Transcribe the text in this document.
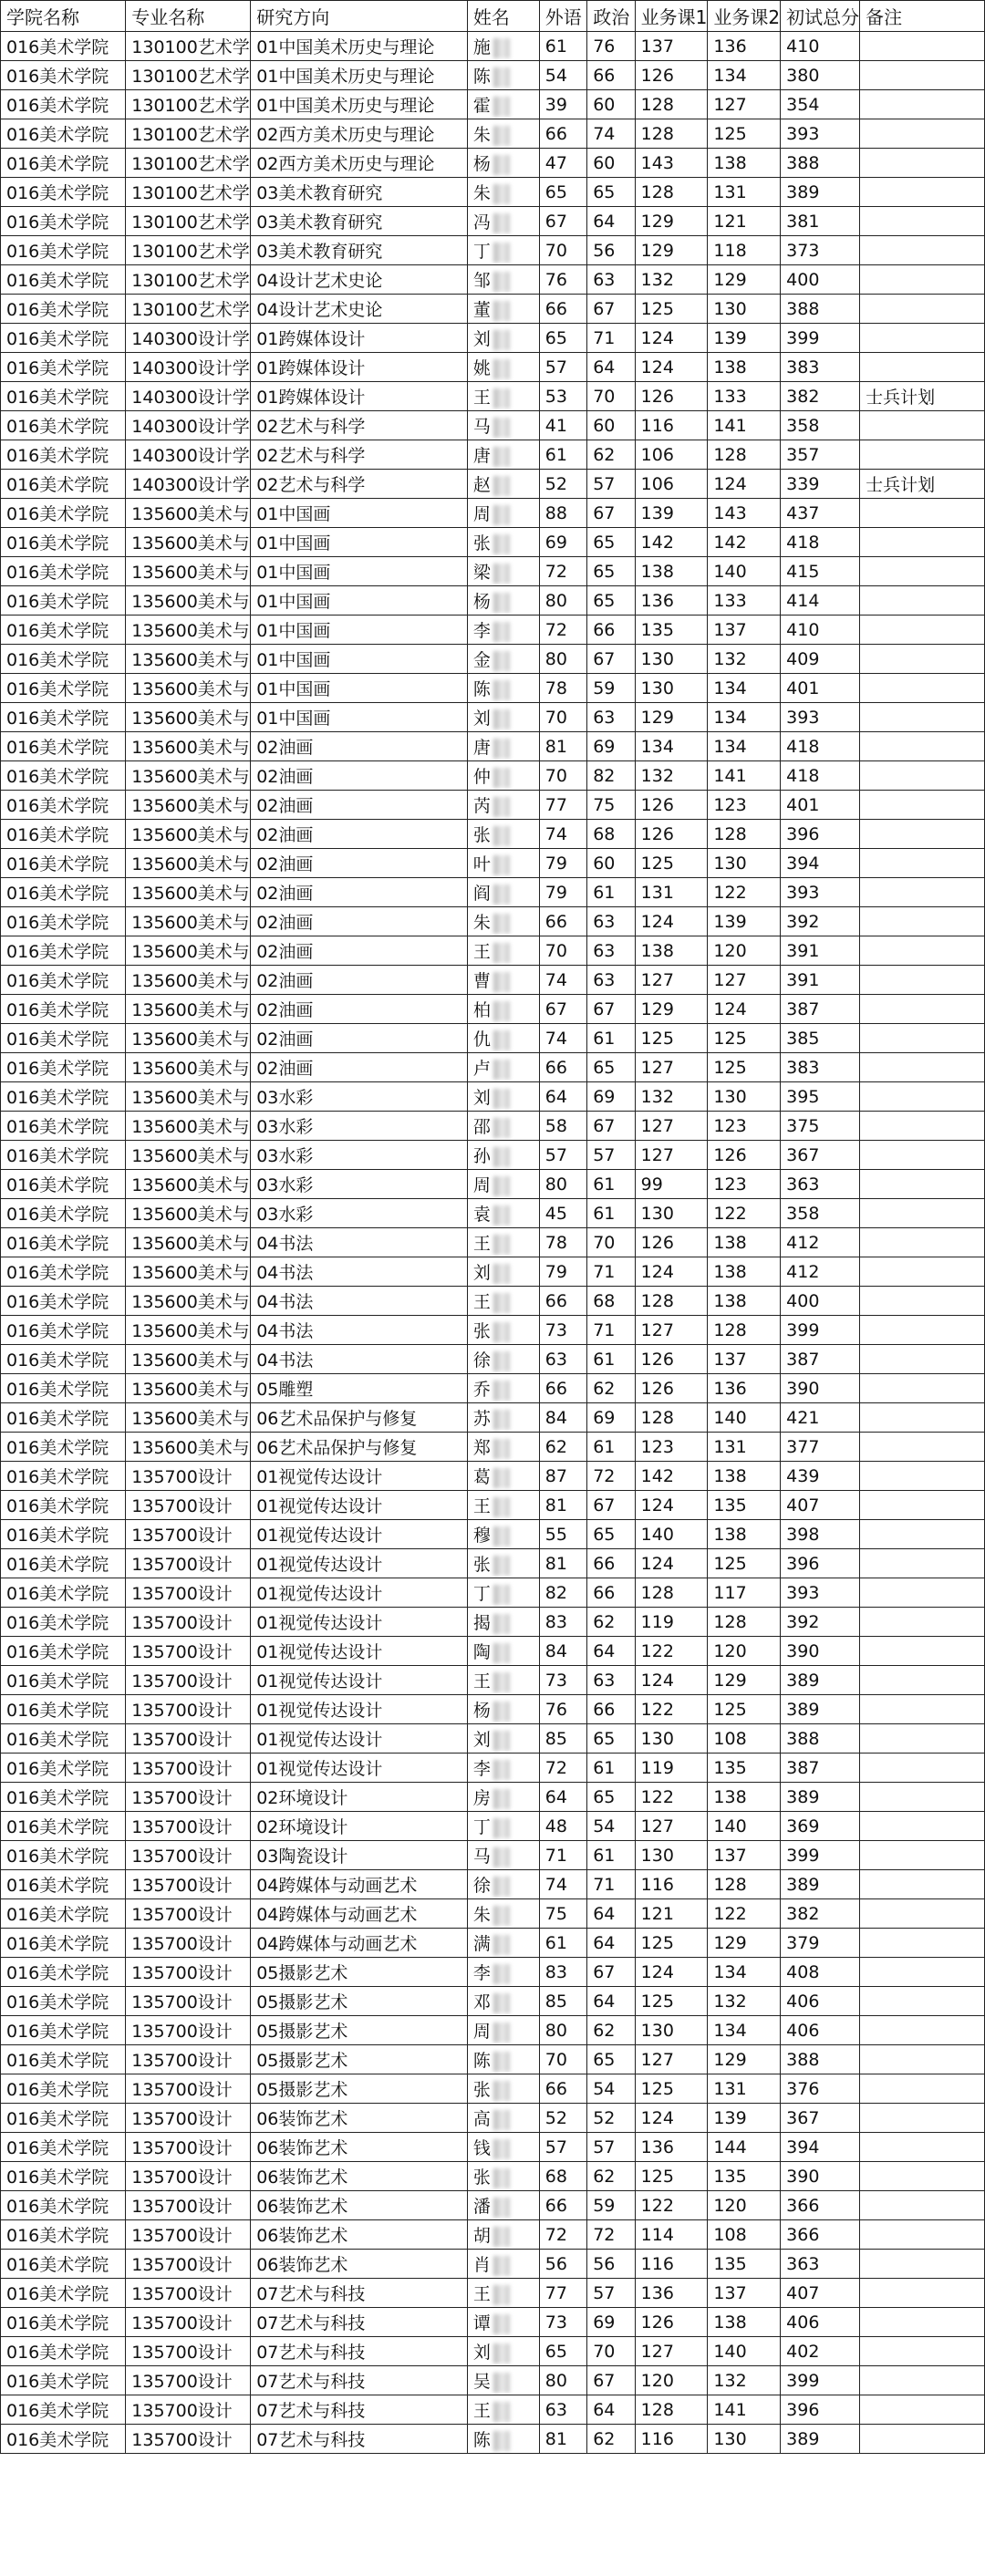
学院名称	专业名称	研究方向	姓名	外语	政治	业务课1	业务课2	初试总分	备注
016美术学院	130100艺术学	01中国美术历史与理论	施	61	76	137	136	410	
016美术学院	130100艺术学	01中国美术历史与理论	陈	54	66	126	134	380	
016美术学院	130100艺术学	01中国美术历史与理论	霍	39	60	128	127	354	
016美术学院	130100艺术学	02西方美术历史与理论	朱	66	74	128	125	393	
016美术学院	130100艺术学	02西方美术历史与理论	杨	47	60	143	138	388	
016美术学院	130100艺术学	03美术教育研究	朱	65	65	128	131	389	
016美术学院	130100艺术学	03美术教育研究	冯	67	64	129	121	381	
016美术学院	130100艺术学	03美术教育研究	丁	70	56	129	118	373	
016美术学院	130100艺术学	04设计艺术史论	邹	76	63	132	129	400	
016美术学院	130100艺术学	04设计艺术史论	董	66	67	125	130	388	
016美术学院	140300设计学	01跨媒体设计	刘	65	71	124	139	399	
016美术学院	140300设计学	01跨媒体设计	姚	57	64	124	138	383	
016美术学院	140300设计学	01跨媒体设计	王	53	70	126	133	382	士兵计划
016美术学院	140300设计学	02艺术与科学	马	41	60	116	141	358	
016美术学院	140300设计学	02艺术与科学	唐	61	62	106	128	357	
016美术学院	140300设计学	02艺术与科学	赵	52	57	106	124	339	士兵计划
016美术学院	135600美术与	01中国画	周	88	67	139	143	437	
016美术学院	135600美术与	01中国画	张	69	65	142	142	418	
016美术学院	135600美术与	01中国画	梁	72	65	138	140	415	
016美术学院	135600美术与	01中国画	杨	80	65	136	133	414	
016美术学院	135600美术与	01中国画	李	72	66	135	137	410	
016美术学院	135600美术与	01中国画	金	80	67	130	132	409	
016美术学院	135600美术与	01中国画	陈	78	59	130	134	401	
016美术学院	135600美术与	01中国画	刘	70	63	129	134	393	
016美术学院	135600美术与	02油画	唐	81	69	134	134	418	
016美术学院	135600美术与	02油画	仲	70	82	132	141	418	
016美术学院	135600美术与	02油画	芮	77	75	126	123	401	
016美术学院	135600美术与	02油画	张	74	68	126	128	396	
016美术学院	135600美术与	02油画	叶	79	60	125	130	394	
016美术学院	135600美术与	02油画	阎	79	61	131	122	393	
016美术学院	135600美术与	02油画	朱	66	63	124	139	392	
016美术学院	135600美术与	02油画	王	70	63	138	120	391	
016美术学院	135600美术与	02油画	曹	74	63	127	127	391	
016美术学院	135600美术与	02油画	柏	67	67	129	124	387	
016美术学院	135600美术与	02油画	仇	74	61	125	125	385	
016美术学院	135600美术与	02油画	卢	66	65	127	125	383	
016美术学院	135600美术与	03水彩	刘	64	69	132	130	395	
016美术学院	135600美术与	03水彩	邵	58	67	127	123	375	
016美术学院	135600美术与	03水彩	孙	57	57	127	126	367	
016美术学院	135600美术与	03水彩	周	80	61	99	123	363	
016美术学院	135600美术与	03水彩	袁	45	61	130	122	358	
016美术学院	135600美术与	04书法	王	78	70	126	138	412	
016美术学院	135600美术与	04书法	刘	79	71	124	138	412	
016美术学院	135600美术与	04书法	王	66	68	128	138	400	
016美术学院	135600美术与	04书法	张	73	71	127	128	399	
016美术学院	135600美术与	04书法	徐	63	61	126	137	387	
016美术学院	135600美术与	05雕塑	乔	66	62	126	136	390	
016美术学院	135600美术与	06艺术品保护与修复	苏	84	69	128	140	421	
016美术学院	135600美术与	06艺术品保护与修复	郑	62	61	123	131	377	
016美术学院	135700设计	01视觉传达设计	葛	87	72	142	138	439	
016美术学院	135700设计	01视觉传达设计	王	81	67	124	135	407	
016美术学院	135700设计	01视觉传达设计	穆	55	65	140	138	398	
016美术学院	135700设计	01视觉传达设计	张	81	66	124	125	396	
016美术学院	135700设计	01视觉传达设计	丁	82	66	128	117	393	
016美术学院	135700设计	01视觉传达设计	揭	83	62	119	128	392	
016美术学院	135700设计	01视觉传达设计	陶	84	64	122	120	390	
016美术学院	135700设计	01视觉传达设计	王	73	63	124	129	389	
016美术学院	135700设计	01视觉传达设计	杨	76	66	122	125	389	
016美术学院	135700设计	01视觉传达设计	刘	85	65	130	108	388	
016美术学院	135700设计	01视觉传达设计	李	72	61	119	135	387	
016美术学院	135700设计	02环境设计	房	64	65	122	138	389	
016美术学院	135700设计	02环境设计	丁	48	54	127	140	369	
016美术学院	135700设计	03陶瓷设计	马	71	61	130	137	399	
016美术学院	135700设计	04跨媒体与动画艺术	徐	74	71	116	128	389	
016美术学院	135700设计	04跨媒体与动画艺术	朱	75	64	121	122	382	
016美术学院	135700设计	04跨媒体与动画艺术	满	61	64	125	129	379	
016美术学院	135700设计	05摄影艺术	李	83	67	124	134	408	
016美术学院	135700设计	05摄影艺术	邓	85	64	125	132	406	
016美术学院	135700设计	05摄影艺术	周	80	62	130	134	406	
016美术学院	135700设计	05摄影艺术	陈	70	65	127	129	388	
016美术学院	135700设计	05摄影艺术	张	66	54	125	131	376	
016美术学院	135700设计	06装饰艺术	高	52	52	124	139	367	
016美术学院	135700设计	06装饰艺术	钱	57	57	136	144	394	
016美术学院	135700设计	06装饰艺术	张	68	62	125	135	390	
016美术学院	135700设计	06装饰艺术	潘	66	59	122	120	366	
016美术学院	135700设计	06装饰艺术	胡	72	72	114	108	366	
016美术学院	135700设计	06装饰艺术	肖	56	56	116	135	363	
016美术学院	135700设计	07艺术与科技	王	77	57	136	137	407	
016美术学院	135700设计	07艺术与科技	谭	73	69	126	138	406	
016美术学院	135700设计	07艺术与科技	刘	65	70	127	140	402	
016美术学院	135700设计	07艺术与科技	吴	80	67	120	132	399	
016美术学院	135700设计	07艺术与科技	王	63	64	128	141	396	
016美术学院	135700设计	07艺术与科技	陈	81	62	116	130	389	
